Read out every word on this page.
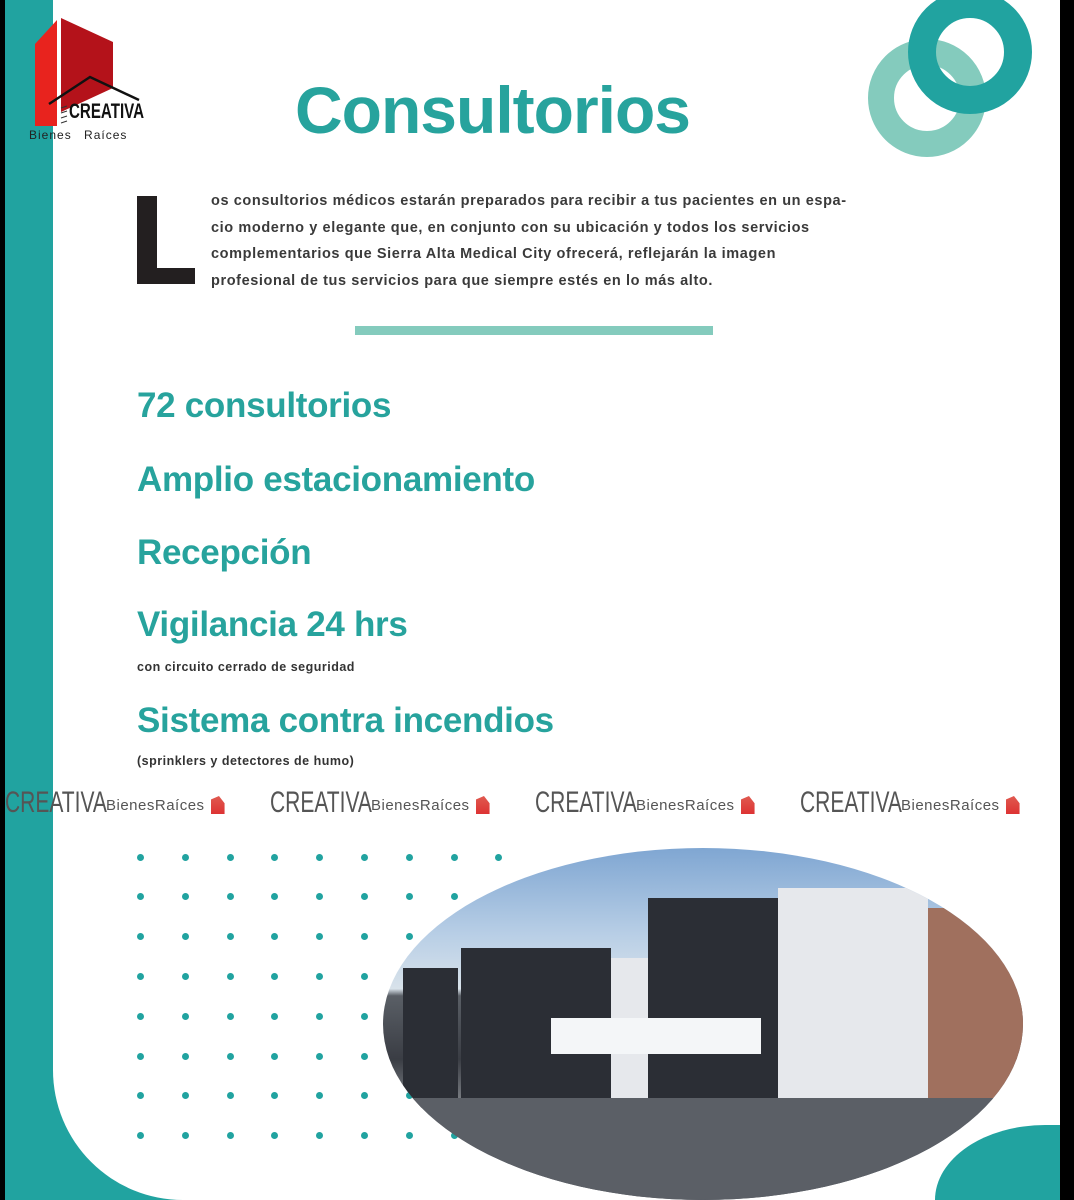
CREATIVA
Bienes Raíces	Consultorios
os consultorios médicos estarán preparados para recibir a tus pacientes en un espa-
cio moderno y elegante que, en conjunto con su ubicación y todos los servicios
complementarios que Sierra Alta Medical City ofrecerá, reflejarán la imagen
profesional de tus servicios para que siempre estés en lo más alto.
72 consultorios
Amplio estacionamiento
Recepción
Vigilancia 24 hrs
con circuito cerrado de seguridad
Sistema contra incendios
(sprinklers y detectores de humo)
CREATIVA BienesRaíces CREATIVA BienesRaíces CREATIVA BienesRaíces CREATIVA BienesRaíces
